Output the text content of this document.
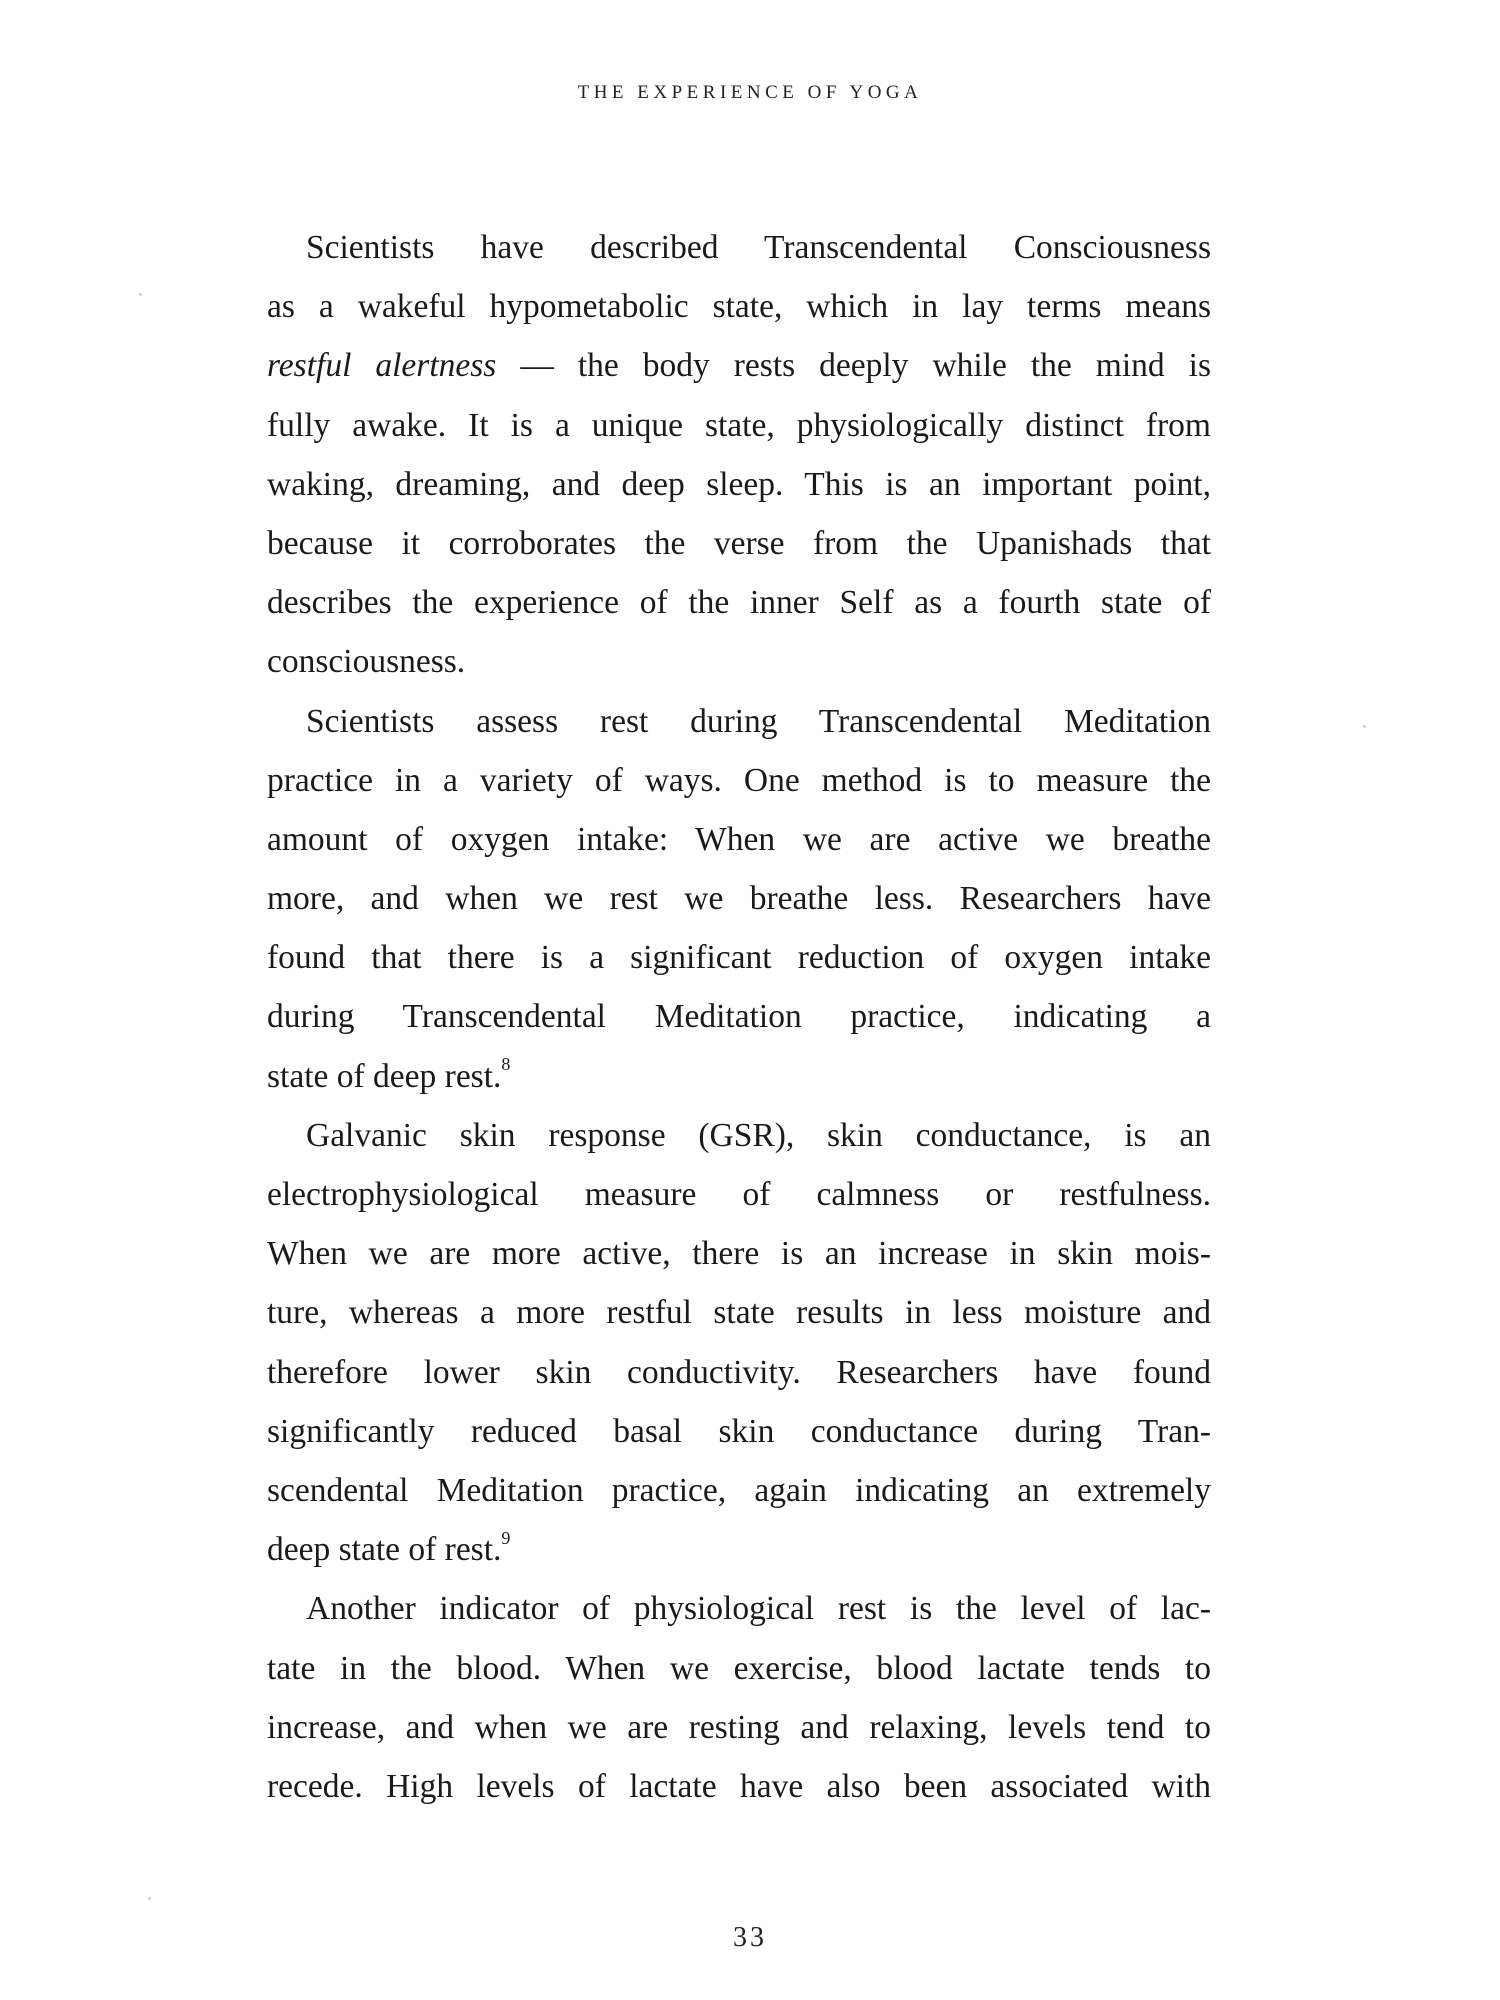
THE EXPERIENCE OF YOGA
Scientists have described Transcendental Consciousness
as a wakeful hypometabolic state, which in lay terms means
restful alertness — the body rests deeply while the mind is
fully awake. It is a unique state, physiologically distinct from
waking, dreaming, and deep sleep. This is an important point,
because it corroborates the verse from the Upanishads that
describes the experience of the inner Self as a fourth state of
consciousness.
Scientists assess rest during Transcendental Meditation
practice in a variety of ways. One method is to measure the
amount of oxygen intake: When we are active we breathe
more, and when we rest we breathe less. Researchers have
found that there is a significant reduction of oxygen intake
during Transcendental Meditation practice, indicating a
state of deep rest.$^8$
Galvanic skin response (GSR), skin conductance, is an
electrophysiological measure of calmness or restfulness.
When we are more active, there is an increase in skin mois-
ture, whereas a more restful state results in less moisture and
therefore lower skin conductivity. Researchers have found
significantly reduced basal skin conductance during Tran-
scendental Meditation practice, again indicating an extremely
deep state of rest.$^9$
Another indicator of physiological rest is the level of lac-
tate in the blood. When we exercise, blood lactate tends to
increase, and when we are resting and relaxing, levels tend to
recede. High levels of lactate have also been associated with
33
